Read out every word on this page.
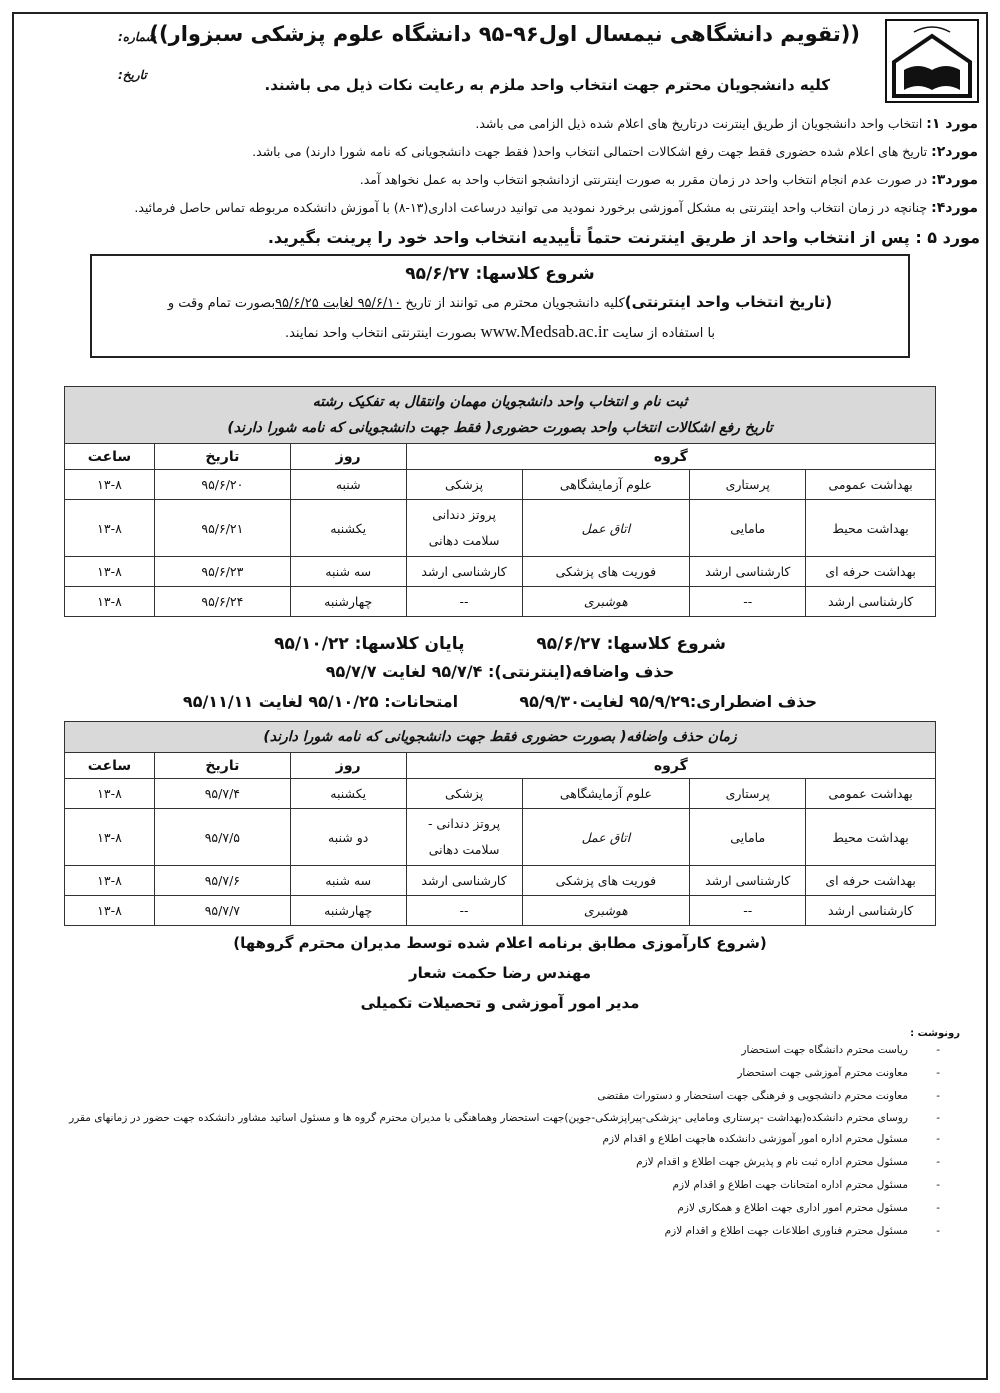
((تقویم دانشگاهی نیمسال اول۹۶-۹۵ دانشگاه علوم پزشکی سبزوار))
شماره:
تاریخ:
کلیه دانشجویان محترم جهت انتخاب واحد ملزم به رعایت نکات ذیل می باشند.
مورد ۱: انتخاب واحد دانشجویان از طریق اینترنت درتاریخ های اعلام شده ذیل الزامی می باشد.
مورد۲: تاریخ های اعلام شده حضوری فقط جهت رفع اشکالات احتمالی انتخاب واحد( فقط جهت دانشجویانی که نامه شورا دارند) می باشد.
مورد۳: در صورت عدم انجام انتخاب واحد در زمان مقرر به صورت اینترنتی ازدانشجو انتخاب واحد به عمل نخواهد آمد.
مورد۴: چنانچه در زمان انتخاب واحد اینترنتی به مشکل آموزشی برخورد نمودید می توانید درساعت اداری(۱۳-۸) با آموزش دانشکده مربوطه تماس حاصل فرمائید.
مورد ۵ : پس از انتخاب واحد از طریق اینترنت حتماً تأییدیه انتخاب واحد خود را پرینت بگیرید.
شروع کلاسها: ۹۵/۶/۲۷
(تاریخ انتخاب واحد اینترنتی)کلیه دانشجویان محترم می توانند از تاریخ ۹۵/۶/۱۰ لغایت ۹۵/۶/۲۵بصورت تمام وقت و
با استفاده از سایت www.Medsab.ac.ir بصورت اینترنتی انتخاب واحد نمایند.
ثبت نام و انتخاب واحد دانشجویان مهمان وانتقال به تفکیک رشته
تاریخ رفع اشکالات انتخاب واحد بصورت حضوری( فقط جهت دانشجویانی که نامه شورا دارند)						

گروه				روز	تاریخ	ساعت
بهداشت عمومی	پرستاری	علوم آزمایشگاهی	پزشکی	شنبه	۹۵/۶/۲۰	۱۳-۸
بهداشت محیط	مامایی	اتاق عمل	پروتز دندانی
سلامت دهانی	یکشنبه	۹۵/۶/۲۱	۱۳-۸
بهداشت حرفه ای	کارشناسی ارشد	فوریت های پزشکی	کارشناسی ارشد	سه شنبه	۹۵/۶/۲۳	۱۳-۸
کارشناسی ارشد	--	هوشبری	--	چهارشنبه	۹۵/۶/۲۴	۱۳-۸
شروع کلاسها: ۹۵/۶/۲۷  پایان کلاسها: ۹۵/۱۰/۲۲
حذف واضافه(اینترنتی): ۹۵/۷/۴ لغایت ۹۵/۷/۷
حذف اضطراری:۹۵/۹/۲۹ لغایت۹۵/۹/۳۰  امتحانات: ۹۵/۱۰/۲۵ لغایت ۹۵/۱۱/۱۱
زمان حذف واضافه( بصورت حضوری فقط جهت دانشجویانی که نامه شورا دارند)						
گروه				روز	تاریخ	ساعت
بهداشت عمومی	پرستاری	علوم آزمایشگاهی	پزشکی	یکشنبه	۹۵/۷/۴	۱۳-۸
بهداشت محیط	مامایی	اتاق عمل	پروتز دندانی -
سلامت دهانی	دو شنبه	۹۵/۷/۵	۱۳-۸
بهداشت حرفه ای	کارشناسی ارشد	فوریت های پزشکی	کارشناسی ارشد	سه شنبه	۹۵/۷/۶	۱۳-۸
کارشناسی ارشد	--	هوشبری	--	چهارشنبه	۹۵/۷/۷	۱۳-۸
(شروع کارآموزی مطابق برنامه اعلام شده توسط مدیران محترم گروهها)
مهندس رضا حکمت شعار
مدیر امور آموزشی و تحصیلات تکمیلی
رونوشت :
- ریاست محترم دانشگاه جهت استحضار
- معاونت محترم آموزشی جهت استحضار
- معاونت محترم دانشجویی و فرهنگی جهت استحضار و دستورات مقتضی
- روسای محترم دانشکده(بهداشت -پرستاری ومامایی -پزشکی-پیراپزشکی-جوین)جهت استحضار وهماهنگی با مدیران محترم گروه ها و مسئول اساتید مشاور دانشکده جهت حضور در زمانهای مقرر
- مسئول محترم اداره امور آموزشی دانشکده هاجهت اطلاع و اقدام لازم
- مسئول محترم اداره ثبت نام و پذیرش جهت اطلاع و اقدام لازم
- مسئول محترم اداره امتحانات جهت اطلاع و اقدام لازم
- مسئول محترم امور اداری جهت اطلاع و همکاری لازم
- مسئول محترم فناوری اطلاعات جهت اطلاع و اقدام لازم
